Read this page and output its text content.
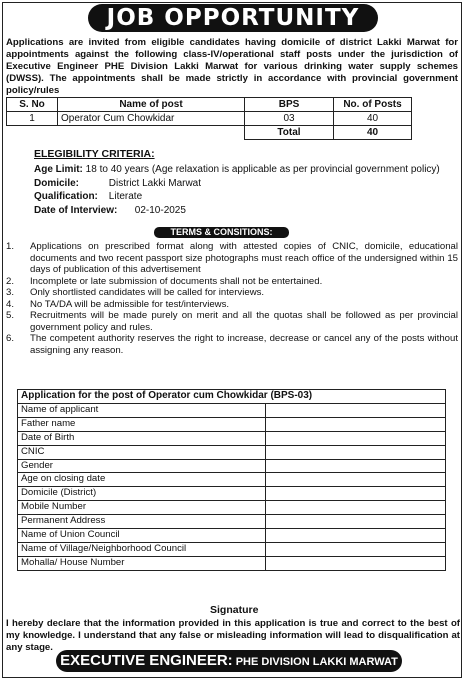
JOB OPPORTUNITY
Applications are invited from eligible candidates having domicile of district Lakki Marwat for appointments against the following class-IV/operational staff posts under the jurisdiction of Executive Engineer PHE Division Lakki Marwat for various drinking water supply schemes (DWSS). The appointments shall be made strictly in accordance with provincial government policy/rules
S. No	Name of post	BPS	No. of Posts
1	Operator Cum Chowkidar	03	40
		Total	40
ELEGIBILITY CRITERIA:
Age Limit: 18 to 40 years (Age relaxation is applicable as per provincial government policy)
Domicile:	District Lakki Marwat
Qualification: Literate
Date of Interview: 02-10-2025
TERMS & CONSITIONS:
1. Applications on prescribed format along with attested copies of CNIC, domicile, educational documents and two recent passport size photographs must reach office of the undersigned within 15 days of publication of this advertisement
2. Incomplete or late submission of documents shall not be entertained.
3. Only shortlisted candidates will be called for interviews.
4. No TA/DA will be admissible for test/interviews.
5. Recruitments will be made purely on merit and all the quotas shall be followed as per provincial government policy and rules.
6. The competent authority reserves the right to increase, decrease or cancel any of the posts without assigning any reason.
Application for the post of Operator cum Chowkidar (BPS-03)	
Name of applicant	
Father name	
Date of Birth	
CNIC	
Gender	
Age on closing date	
Domicile (District)	
Mobile Number	
Permanent Address	
Name of Union Council	
Name of Village/Neighborhood Council	
Mohalla/ House Number	
Signature
I hereby declare that the information provided in this application is true and correct to the best of my knowledge. I understand that any false or misleading information will lead to disqualification at any stage.
EXECUTIVE ENGINEER: PHE DIVISION LAKKI MARWAT
